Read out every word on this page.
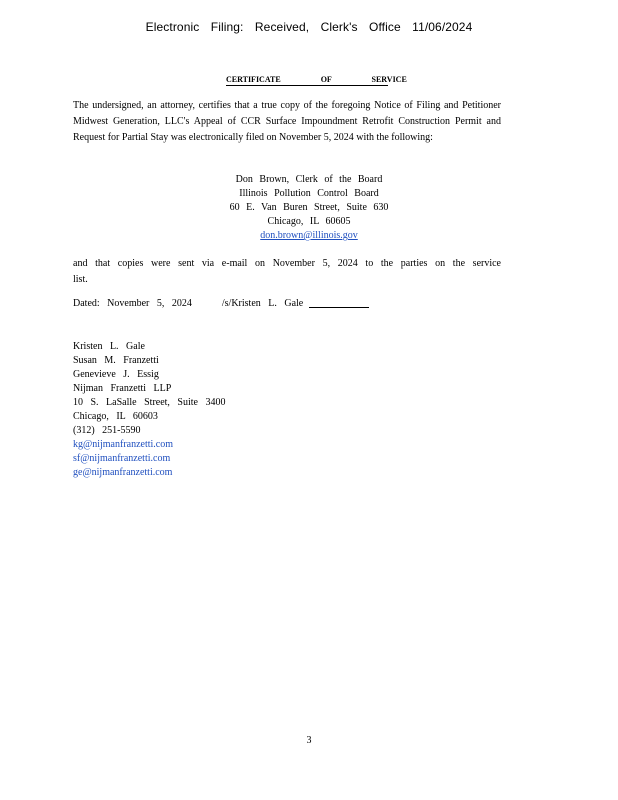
Electronic Filing: Received, Clerk's Office 11/06/2024
CERTIFICATE OF SERVICE
The undersigned, an attorney, certifies that a true copy of the foregoing Notice of Filing and Petitioner Midwest Generation, LLC's Appeal of CCR Surface Impoundment Retrofit Construction Permit and Request for Partial Stay was electronically filed on November 5, 2024 with the following:
Don Brown, Clerk of the Board
Illinois Pollution Control Board
60 E. Van Buren Street, Suite 630
Chicago, IL 60605
don.brown@illinois.gov
and that copies were sent via e-mail on November 5, 2024 to the parties on the service list.
Dated: November 5, 2024	/s/Kristen L. Gale
Kristen L. Gale
Susan M. Franzetti
Genevieve J. Essig
Nijman Franzetti LLP
10 S. LaSalle Street, Suite 3400
Chicago, IL 60603
(312) 251-5590
kg@nijmanfranzetti.com
sf@nijmanfranzetti.com
ge@nijmanfranzetti.com
3
